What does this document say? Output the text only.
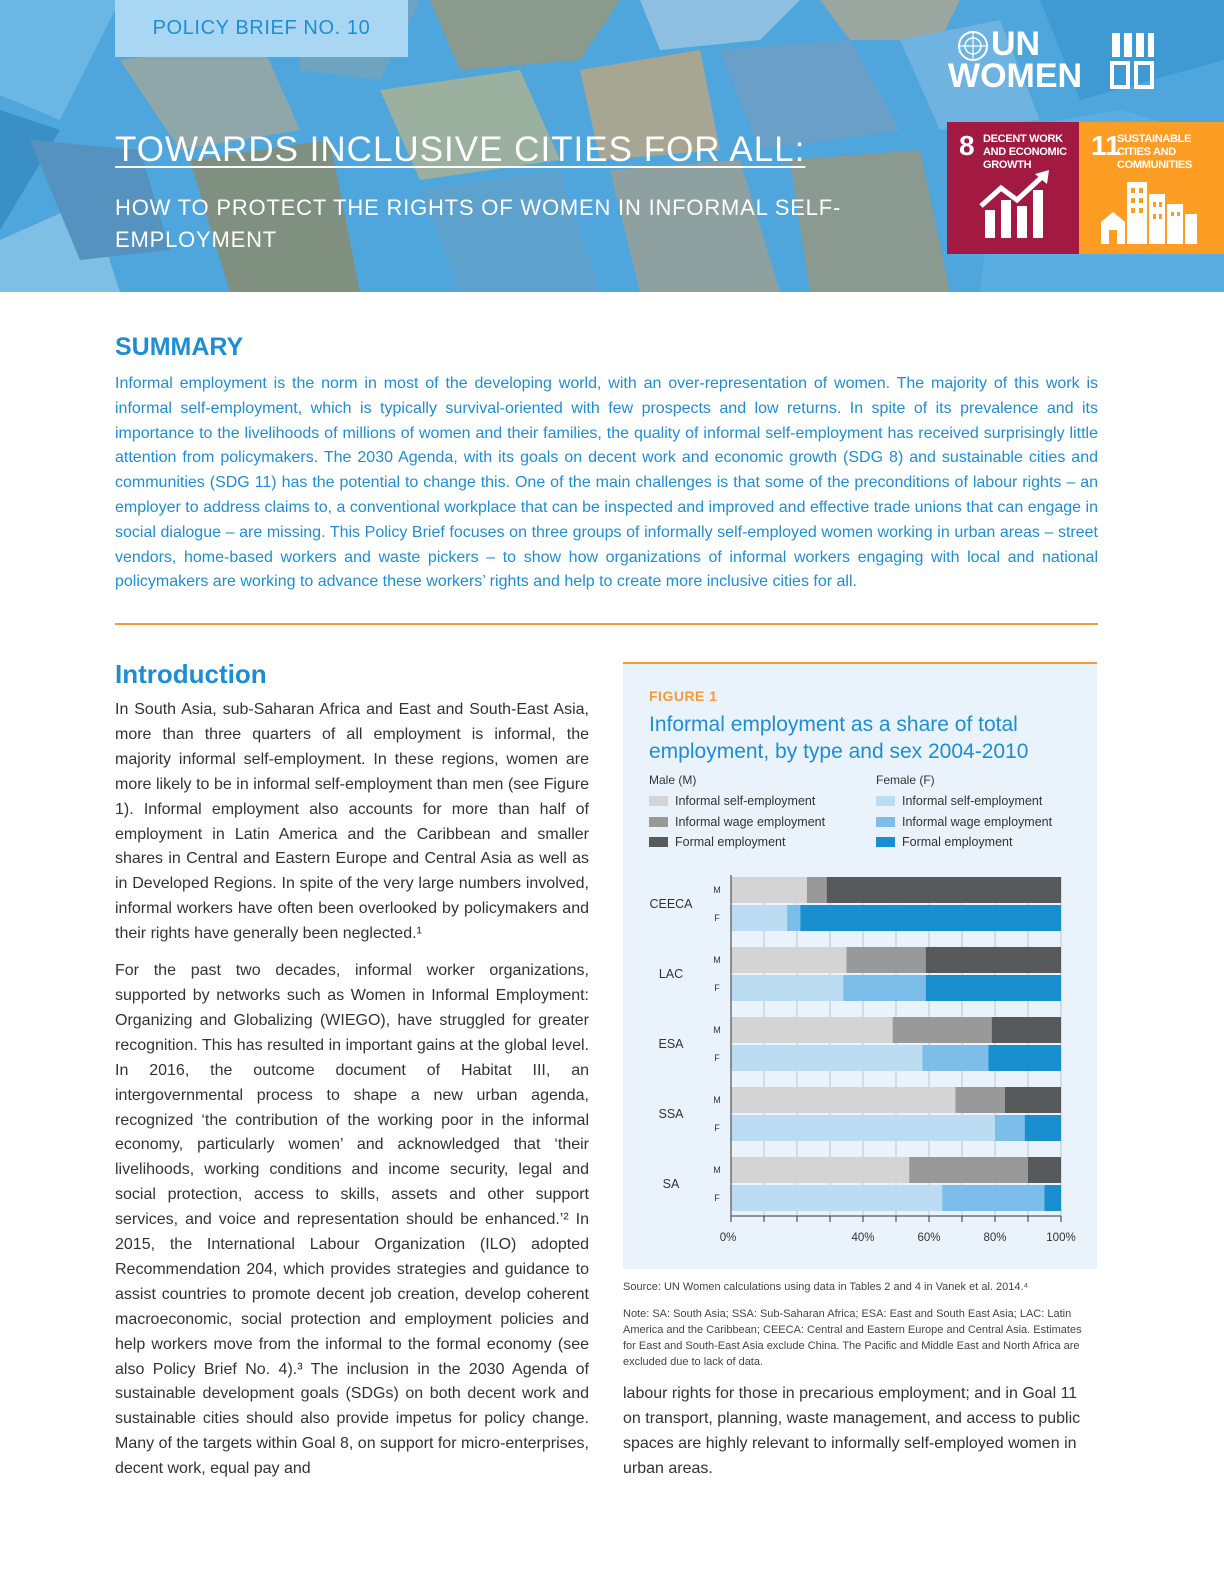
POLICY BRIEF NO. 10
TOWARDS INCLUSIVE CITIES FOR ALL:
HOW TO PROTECT THE RIGHTS OF WOMEN IN INFORMAL SELF-EMPLOYMENT
UN
WOMEN
8 DECENT WORK AND ECONOMIC GROWTH
11
SUSTAINABLE CITIES AND COMMUNITIES
SUMMARY

Informal employment is the norm in most of the developing world, with an over-representation of women. The majority of this work is informal self-employment, which is typically survival-oriented with few prospects and low returns. In spite of its prevalence and its importance to the livelihoods of millions of women and their families, the quality of informal self-employment has received surprisingly little attention from policymakers. The 2030 Agenda, with its goals on decent work and economic growth (SDG 8) and sustainable cities and communities (SDG 11) has the potential to change this. One of the main challenges is that some of the preconditions of labour rights – an employer to address claims to, a conventional workplace that can be inspected and improved and effective trade unions that can engage in social dialogue – are missing. This Policy Brief focuses on three groups of informally self-employed women working in urban areas – street vendors, home-based workers and waste pickers – to show how organizations of informal workers engaging with local and national policymakers are working to advance these workers’ rights and help to create more inclusive cities for all.

Introduction

In South Asia, sub-Saharan Africa and East and South-East Asia, more than three quarters of all employment is informal, the majority informal self-employment. In these regions, women are more likely to be in informal self-employment than men (see Figure 1). Informal employment also accounts for more than half of employment in Latin America and the Caribbean and smaller shares in Central and Eastern Europe and Central Asia as well as in Developed Regions. In spite of the very large numbers involved, informal workers have often been overlooked by policymakers and their rights have generally been neglected.¹

For the past two decades, informal worker organizations, supported by networks such as Women in Informal Employment: Organizing and Globalizing (WIEGO), have struggled for greater recognition. This has resulted in important gains at the global level. In 2016, the outcome document of Habitat III, an intergovernmental process to shape a new urban agenda, recognized ‘the contribution of the working poor in the informal economy, particularly women’ and acknowledged that ‘their livelihoods, working conditions and income security, legal and social protection, access to skills, assets and other support services, and voice and representation should be enhanced.’² In 2015, the International Labour Organization (ILO) adopted Recommendation 204, which provides strategies and guidance to assist countries to promote decent job creation, develop coherent macroeconomic, social protection and employment policies and help workers move from the informal to the formal economy (see also Policy Brief No. 4).³ The inclusion in the 2030 Agenda of sustainable development goals (SDGs) on both decent work and sustainable cities should also provide impetus for policy change. Many of the targets within Goal 8, on support for micro-enterprises, decent work, equal pay and

FIGURE 1
Informal employment as a share of total employment, by type and sex 2004-2010
Male (M)	Female (F)
Informal self-employment
Informal wage employment
Formal employment
Informal self-employment
Informal wage employment
Formal employment
M
F
CEECA
M
F
LAC
M
F
ESA
M
F
SSA
M
F
SA
0%	40%	60%	80%	100%
Source: UN Women calculations using data in Tables 2 and 4 in Vanek et al. 2014.⁴
Note: SA: South Asia; SSA: Sub-Saharan Africa; ESA: East and South East Asia; LAC: Latin America and the Caribbean; CEECA: Central and Eastern Europe and Central Asia. Estimates for East and South-East Asia exclude China. The Pacific and Middle East and North Africa are excluded due to lack of data.

labour rights for those in precarious employment; and in Goal 11 on transport, planning, waste management, and access to public spaces are highly relevant to informally self-employed women in urban areas.
